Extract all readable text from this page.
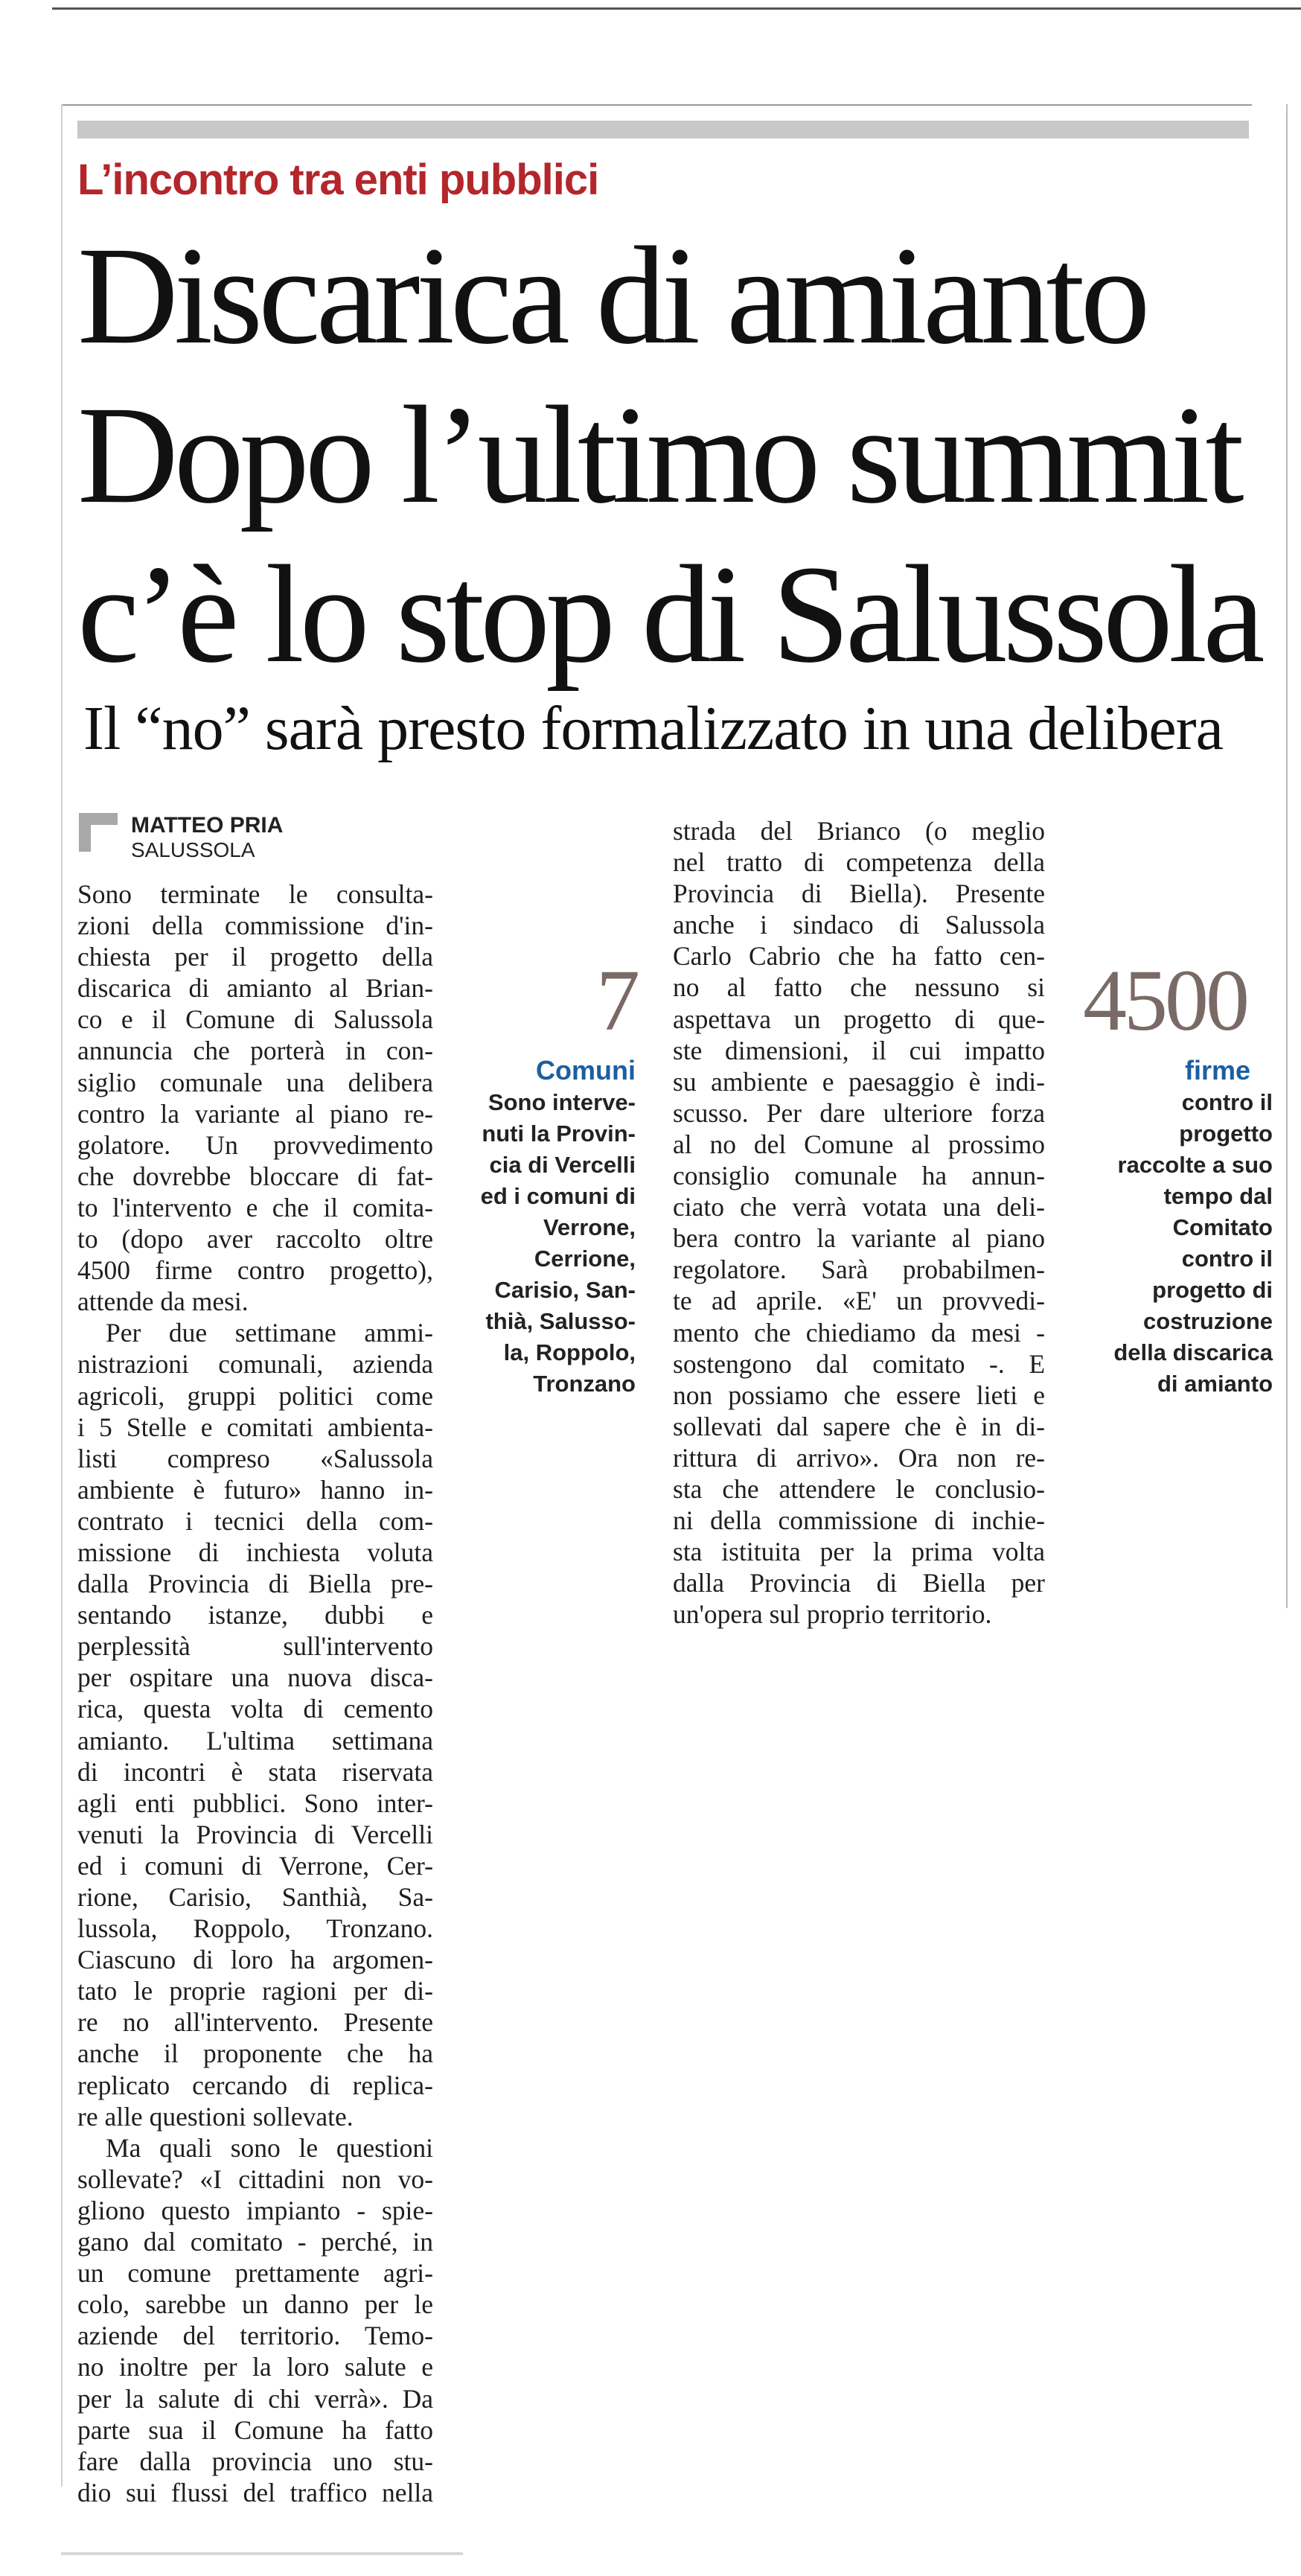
L’incontro tra enti pubblici
Discarica di amianto
Dopo l’ultimo summit
c’è lo stop di Salussola
Il “no” sarà presto formalizzato in una delibera
MATTEO PRIA
SALUSSOLA
Sono terminate le consulta-
zioni della commissione d'in-
chiesta per il progetto della
discarica di amianto al Brian-
co e il Comune di Salussola
annuncia che porterà in con-
siglio comunale una delibera
contro la variante al piano re-
golatore. Un provvedimento
che dovrebbe bloccare di fat-
to l'intervento e che il comita-
to (dopo aver raccolto oltre
4500 firme contro progetto),
attende da mesi.
Per due settimane ammi-
nistrazioni comunali, azienda
agricoli, gruppi politici come
i 5 Stelle e comitati ambienta-
listi compreso «Salussola
ambiente è futuro» hanno in-
contrato i tecnici della com-
missione di inchiesta voluta
dalla Provincia di Biella pre-
sentando istanze, dubbi e
perplessità sull'intervento
per ospitare una nuova disca-
rica, questa volta di cemento
amianto. L'ultima settimana
di incontri è stata riservata
agli enti pubblici. Sono inter-
venuti la Provincia di Vercelli
ed i comuni di Verrone, Cer-
rione, Carisio, Santhià, Sa-
lussola, Roppolo, Tronzano.
Ciascuno di loro ha argomen-
tato le proprie ragioni per di-
re no all'intervento. Presente
anche il proponente che ha
replicato cercando di replica-
re alle questioni sollevate.
Ma quali sono le questioni
sollevate? «I cittadini non vo-
gliono questo impianto - spie-
gano dal comitato - perché, in
un comune prettamente agri-
colo, sarebbe un danno per le
aziende del territorio. Temo-
no inoltre per la loro salute e
per la salute di chi verrà». Da
parte sua il Comune ha fatto
fare dalla provincia uno stu-
dio sui flussi del traffico nella
7
Comuni
Sono interve-
nuti la Provin-
cia di Vercelli
ed i comuni di
Verrone,
Cerrione,
Carisio, San-
thià, Salusso-
la, Roppolo,
Tronzano
strada del Brianco (o meglio
nel tratto di competenza della
Provincia di Biella). Presente
anche i sindaco di Salussola
Carlo Cabrio che ha fatto cen-
no al fatto che nessuno si
aspettava un progetto di que-
ste dimensioni, il cui impatto
su ambiente e paesaggio è indi-
scusso. Per dare ulteriore forza
al no del Comune al prossimo
consiglio comunale ha annun-
ciato che verrà votata una deli-
bera contro la variante al piano
regolatore. Sarà probabilmen-
te ad aprile. «E' un provvedi-
mento che chiediamo da mesi -
sostengono dal comitato -. E
non possiamo che essere lieti e
sollevati dal sapere che è in di-
rittura di arrivo». Ora non re-
sta che attendere le conclusio-
ni della commissione di inchie-
sta istituita per la prima volta
dalla Provincia di Biella per
un'opera sul proprio territorio.
4500
firme
contro il
progetto
raccolte a suo
tempo dal
Comitato
contro il
progetto di
costruzione
della discarica
di amianto
